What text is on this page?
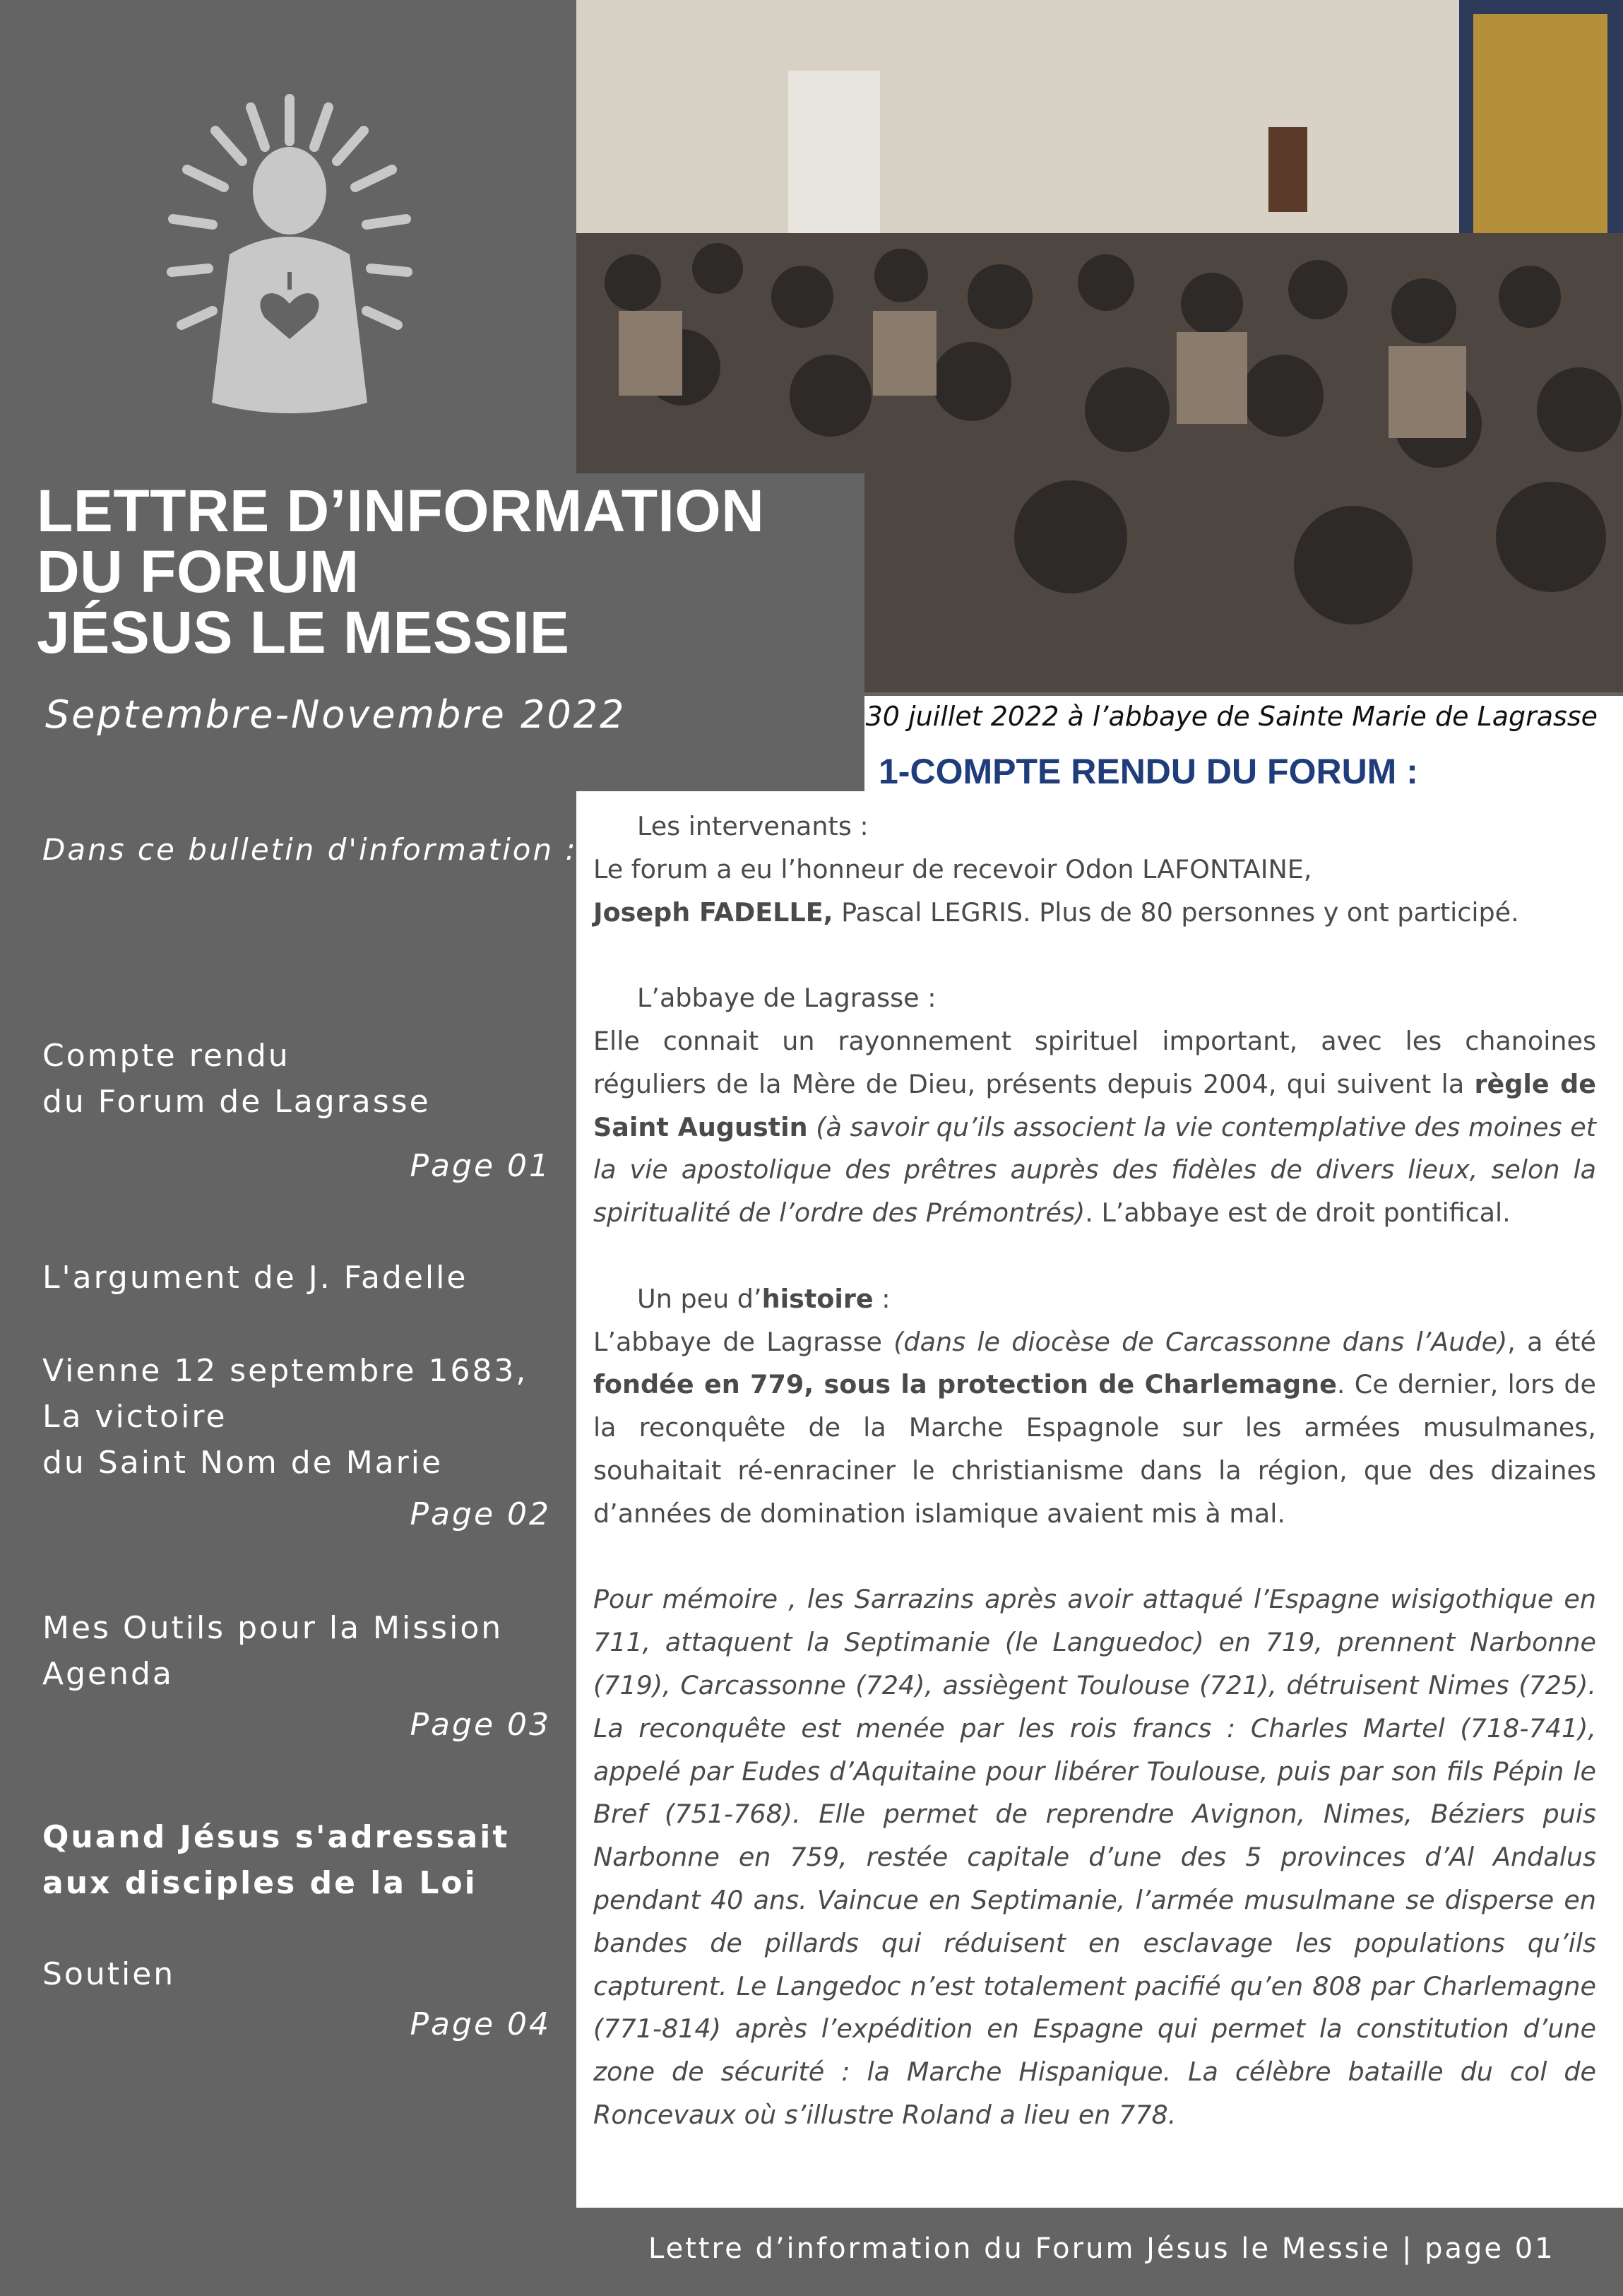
LETTRE D’INFORMATION
DU FORUM
JÉSUS LE MESSIE
Septembre-Novembre 2022	30 juillet 2022 à l’abbaye de Sainte Marie de Lagrasse
1-COMPTE RENDU DU FORUM :

Les intervenants :

Le forum a eu l’honneur de recevoir Odon LAFONTAINE,

Joseph FADELLE, Pascal LEGRIS. Plus de 80 personnes y ont participé.

L’abbaye de Lagrasse :

Elle connait un rayonnement spirituel important, avec les chanoines réguliers de la Mère de Dieu, présents depuis 2004, qui suivent la règle de Saint Augustin (à savoir qu’ils associent la vie contemplative des moines et la vie apostolique des prêtres auprès des fidèles de divers lieux, selon la spiritualité de l’ordre des Prémontrés). L’abbaye est de droit pontifical.

Un peu d’histoire :

L’abbaye de Lagrasse (dans le diocèse de Carcassonne dans l’Aude), a été fondée en 779, sous la protection de Charlemagne. Ce dernier, lors de la reconquête de la Marche Espagnole sur les armées musulmanes, souhaitait ré-enraciner le christianisme dans la région, que des dizaines d’années de domination islamique avaient mis à mal.

Pour mémoire , les Sarrazins après avoir attaqué l’Espagne wisigothique en 711, attaquent la Septimanie (le Languedoc) en 719, prennent Narbonne (719), Carcassonne (724), assiègent Toulouse (721), détruisent Nimes (725). La reconquête est menée par les rois francs : Charles Martel (718-741), appelé par Eudes d’Aquitaine pour libérer Toulouse, puis par son fils Pépin le Bref (751-768). Elle permet de reprendre Avignon, Nimes, Béziers puis Narbonne en 759, restée capitale d’une des 5 provinces d’Al Andalus pendant 40 ans. Vaincue en Septimanie, l’armée musulmane se disperse en bandes de pillards qui réduisent en esclavage les populations qu’ils capturent. Le Langedoc n’est totalement pacifié qu’en 808 par Charlemagne (771-814) après l’expédition en Espagne qui permet la constitution d’une zone de sécurité : la Marche Hispanique. La célèbre bataille du col de Roncevaux où s’illustre Roland a lieu en 778.

Dans ce bulletin d'information :
Compte rendu
du Forum de Lagrasse
Page 01
L'argument de J. Fadelle
Vienne 12 septembre 1683,
La victoire
du Saint Nom de Marie
Page 02
Mes Outils pour la Mission
Agenda
Page 03
Quand Jésus s'adressait
aux disciples de la Loi
Soutien
Page 04
Lettre d’information du Forum Jésus le Messie | page 01
